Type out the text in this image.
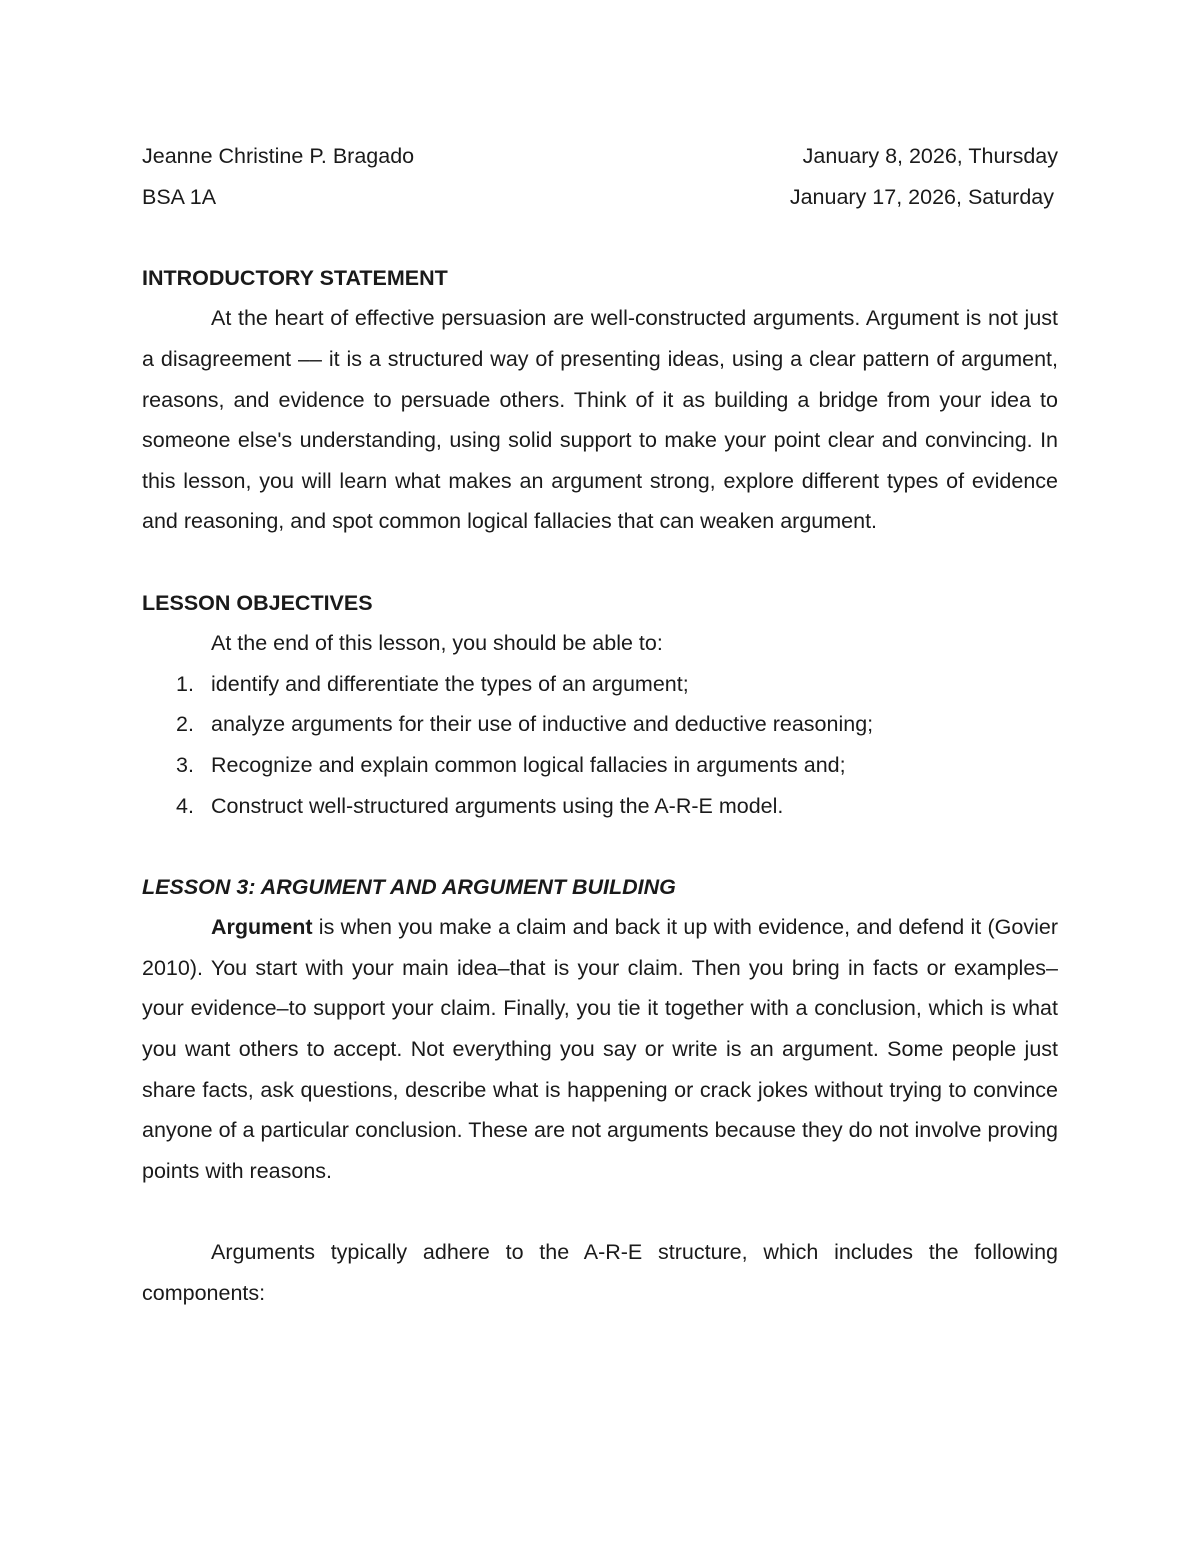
Jeanne Christine P. Bragado	January 8, 2026, Thursday
BSA 1A	January 17, 2026, Saturday
INTRODUCTORY STATEMENT

At the heart of effective persuasion are well-constructed arguments. Argument is not just a disagreement –– it is a structured way of presenting ideas, using a clear pattern of argument, reasons, and evidence to persuade others. Think of it as building a bridge from your idea to someone else's understanding, using solid support to make your point clear and convincing. In this lesson, you will learn what makes an argument strong, explore different types of evidence and reasoning, and spot common logical fallacies that can weaken argument.

LESSON OBJECTIVES
At the end of this lesson, you should be able to:
1. identify and differentiate the types of an argument;
2. analyze arguments for their use of inductive and deductive reasoning;
3. Recognize and explain common logical fallacies in arguments and;
4. Construct well-structured arguments using the A-R-E model.
LESSON 3: ARGUMENT AND ARGUMENT BUILDING

Argument is when you make a claim and back it up with evidence, and defend it (Govier 2010). You start with your main idea–that is your claim. Then you bring in facts or examples–your evidence–to support your claim. Finally, you tie it together with a conclusion, which is what you want others to accept. Not everything you say or write is an argument. Some people just share facts, ask questions, describe what is happening or crack jokes without trying to convince anyone of a particular conclusion. These are not arguments because they do not involve proving points with reasons.

Arguments typically adhere to the A-R-E structure, which includes the following components:
